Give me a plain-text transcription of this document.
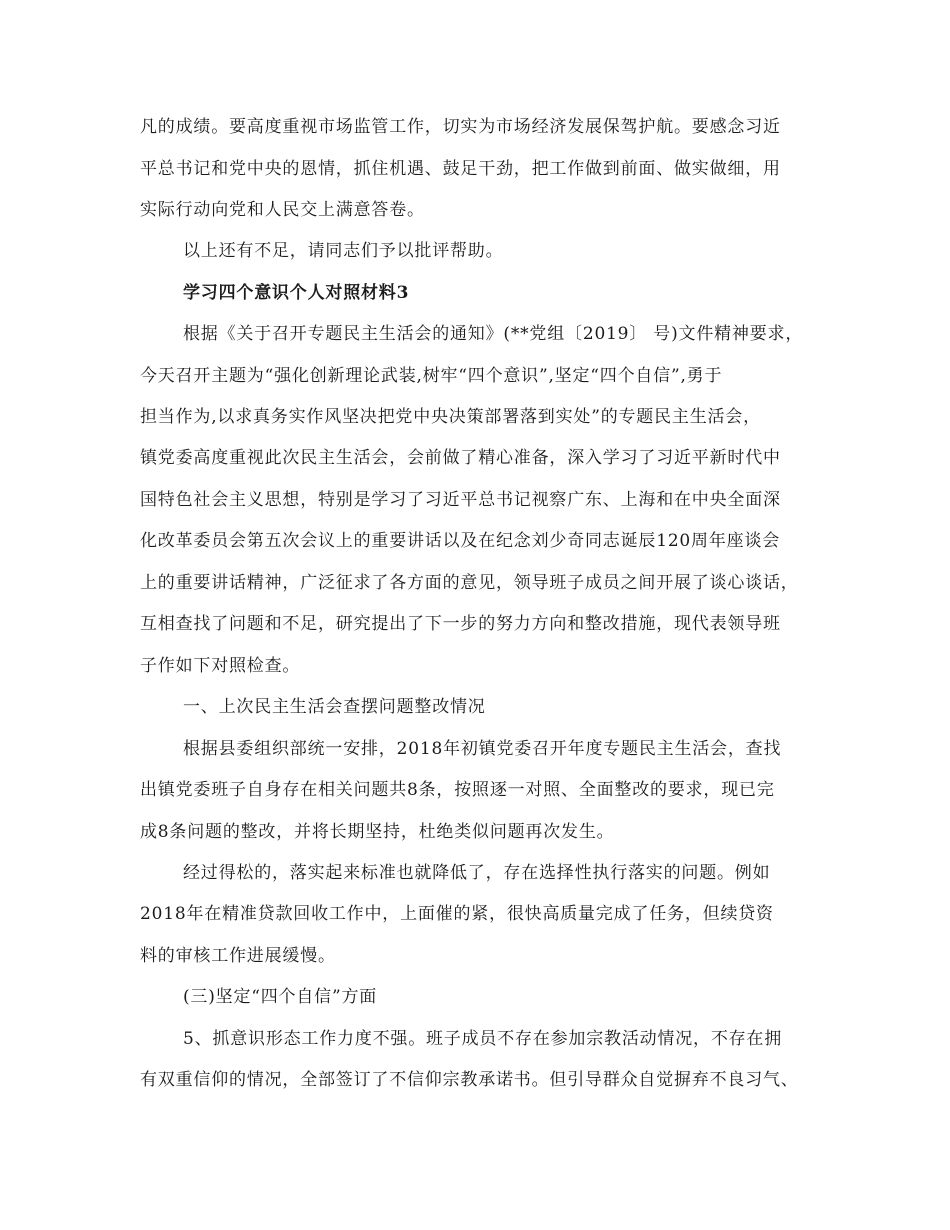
凡的成绩。要高度重视市场监管工作，切实为市场经济发展保驾护航。要感念习近
平总书记和党中央的恩情，抓住机遇、鼓足干劲，把工作做到前面、做实做细，用
实际行动向党和人民交上满意答卷。
以上还有不足，请同志们予以批评帮助。
学习四个意识个人对照材料3
根据《关于召开专题民主生活会的通知》(**党组〔2019〕 号)文件精神要求，
今天召开主题为“强化创新理论武装,树牢“四个意识”,坚定“四个自信”,勇于
担当作为,以求真务实作风坚决把党中央决策部署落到实处”的专题民主生活会，
镇党委高度重视此次民主生活会，会前做了精心准备，深入学习了习近平新时代中
国特色社会主义思想，特别是学习了习近平总书记视察广东、上海和在中央全面深
化改革委员会第五次会议上的重要讲话以及在纪念刘少奇同志诞辰120周年座谈会
上的重要讲话精神，广泛征求了各方面的意见，领导班子成员之间开展了谈心谈话，
互相查找了问题和不足，研究提出了下一步的努力方向和整改措施，现代表领导班
子作如下对照检查。
一、上次民主生活会查摆问题整改情况
根据县委组织部统一安排，2018年初镇党委召开年度专题民主生活会，查找
出镇党委班子自身存在相关问题共8条，按照逐一对照、全面整改的要求，现已完
成8条问题的整改，并将长期坚持，杜绝类似问题再次发生。
经过得松的，落实起来标准也就降低了，存在选择性执行落实的问题。例如
2018年在精准贷款回收工作中，上面催的紧，很快高质量完成了任务，但续贷资
料的审核工作进展缓慢。
(三)坚定“四个自信”方面
5、抓意识形态工作力度不强。班子成员不存在参加宗教活动情况，不存在拥
有双重信仰的情况，全部签订了不信仰宗教承诺书。但引导群众自觉摒弃不良习气、
